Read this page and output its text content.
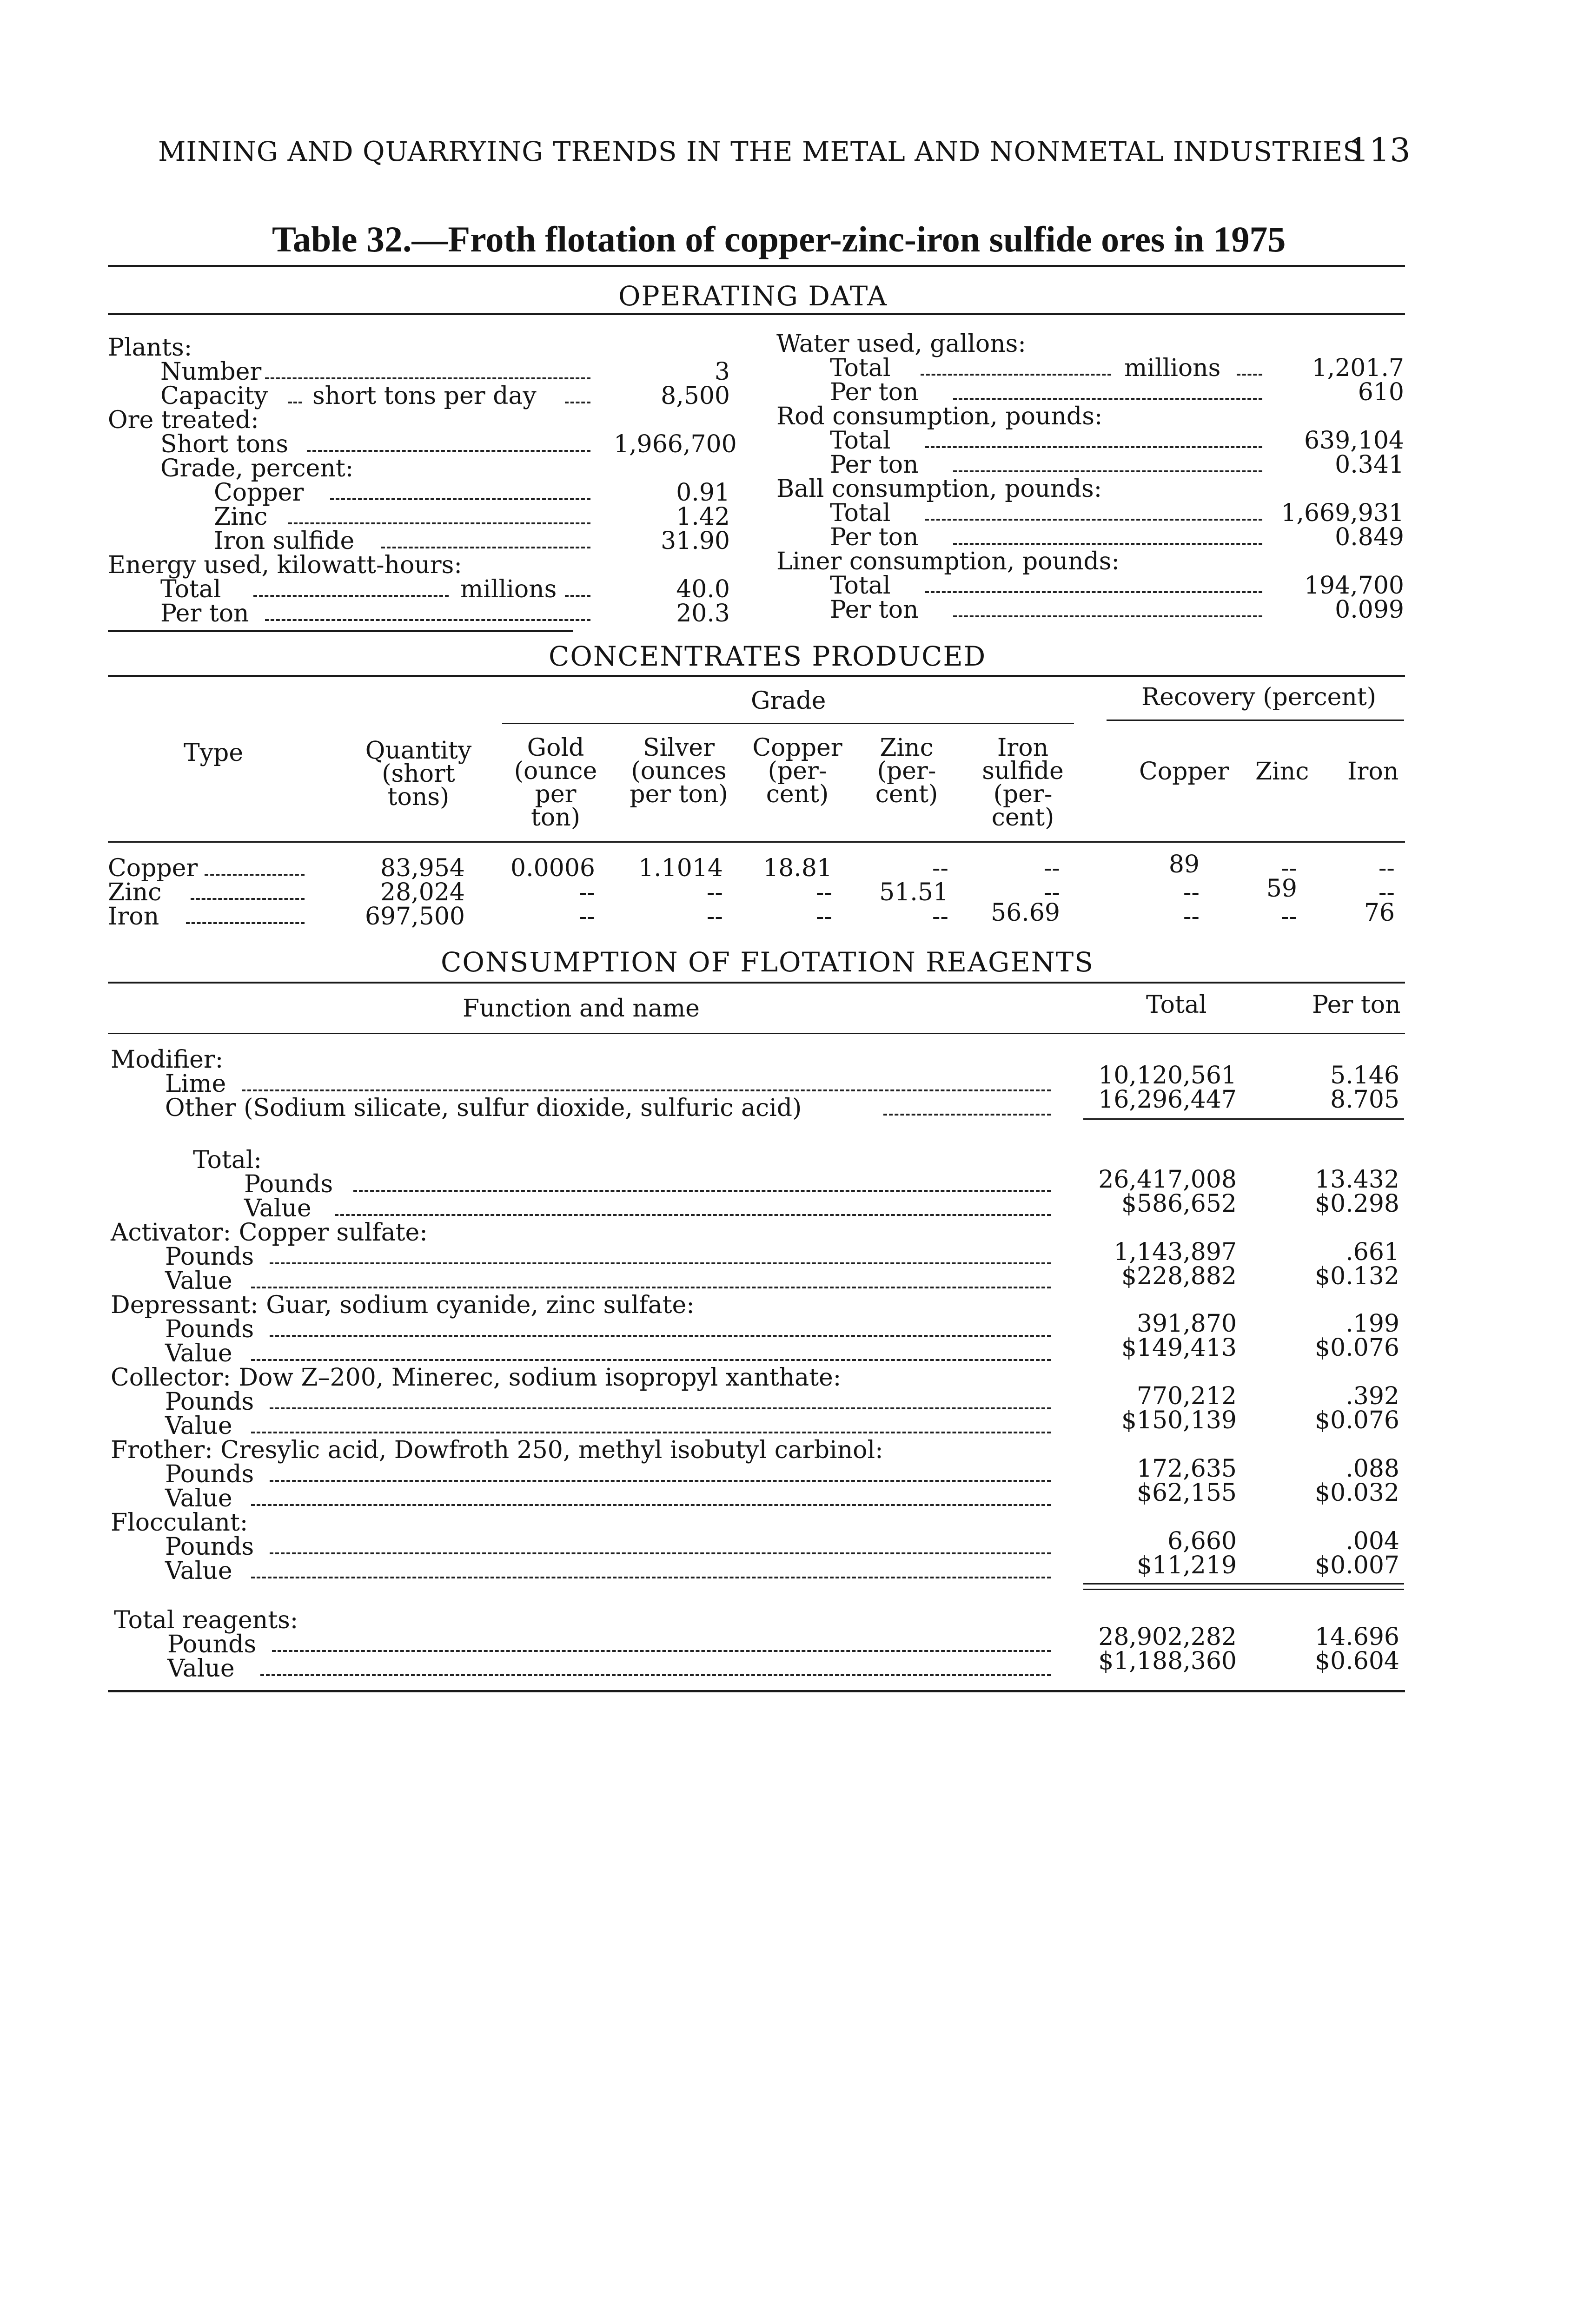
MINING AND QUARRYING TRENDS IN THE METAL AND NONMETAL INDUSTRIES
113
Table 32.—Froth flotation of copper-zinc-iron sulfide ores in 1975
OPERATING DATA
Plants:
Number	3
Capacity short tons per day	8,500
Ore treated:
Short tons	1,966,700
Grade, percent:
Copper	0.91
Zinc	1.42
Iron sulfide	31.90
Energy used, kilowatt-hours:
Total	millions	40.0
Per ton	20.3
Water used, gallons:
Total	millions	1,201.7
Per ton	610
Rod consumption, pounds:
Total	639,104
Per ton	0.341
Ball consumption, pounds:
Total	1,669,931
Per ton	0.849
Liner consumption, pounds:
Total	194,700
Per ton	0.099
CONCENTRATES PRODUCED
Grade	Recovery (percent)
Type	Quantity (short tons)
Gold (ounce per ton)
Silver (ounces per ton)
Copper (per-cent)
Zinc (per-cent)
Iron sulfide (per-cent)
Copper Zinc Iron
Copper	83,954 0.0006	1.1014	18.81	--	--	89	--	--
Zinc	28,024	--	--	--	51.51	--	--	59	--
Iron	697,500	--	--	--	--	56.69	--	--	76
CONSUMPTION OF FLOTATION REAGENTS
Function and name	Total	Per ton
Modifier:
Lime	10,120,561	5.146
Other (Sodium silicate, sulfur dioxide, sulfuric acid)	16,296,447	8.705
Total:
Pounds	26,417,008	13.432
Value	$586,652	$0.298
Activator: Copper sulfate:
Pounds	1,143,897	.661
Value	$228,882	$0.132
Depressant: Guar, sodium cyanide, zinc sulfate:
Pounds	391,870	.199
Value	$149,413	$0.076
Collector: Dow Z–200, Minerec, sodium isopropyl xanthate:
Pounds	770,212	.392
Value	$150,139	$0.076
Frother: Cresylic acid, Dowfroth 250, methyl isobutyl carbinol:
Pounds	172,635	.088
Value	$62,155	$0.032
Flocculant:
Pounds	6,660	.004
Value	$11,219	$0.007
Total reagents:
Pounds	28,902,282	14.696
Value	$1,188,360	$0.604
